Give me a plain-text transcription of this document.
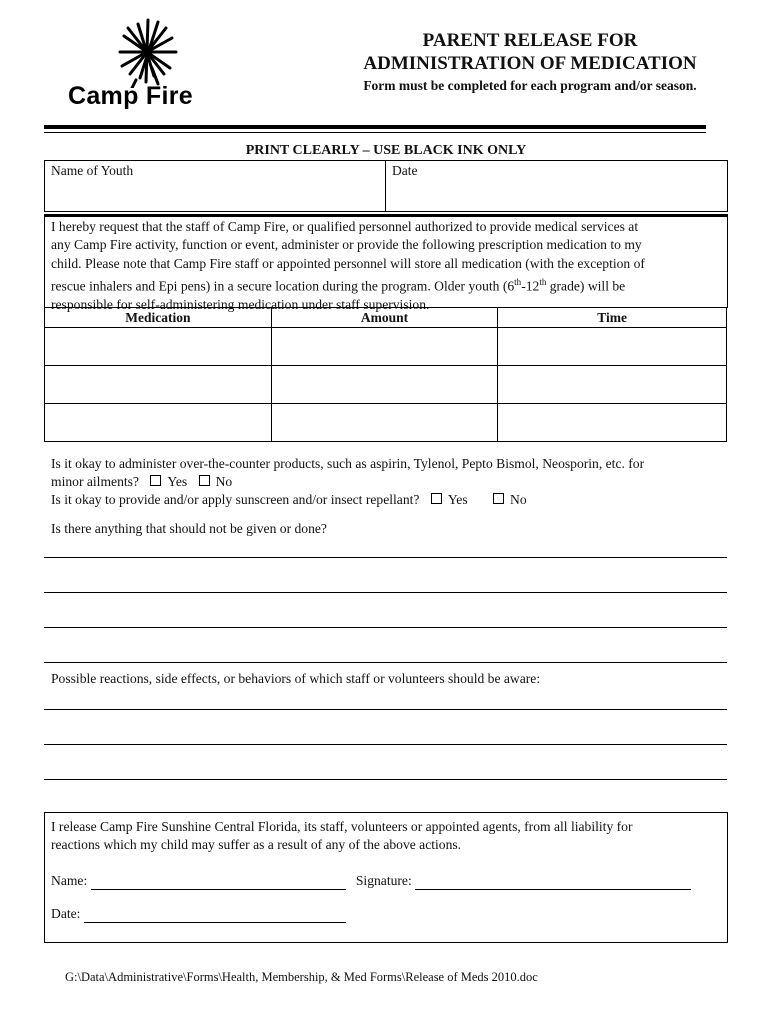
Camp Fire
PARENT RELEASE FOR
ADMINISTRATION OF MEDICATION
Form must be completed for each program and/or season.
PRINT CLEARLY – USE BLACK INK ONLY
Name of Youth	Date
I hereby request that the staff of Camp Fire, or qualified personnel authorized to provide medical services at
any Camp Fire activity, function or event, administer or provide the following prescription medication to my
child. Please note that Camp Fire staff or appointed personnel will store all medication (with the exception of
rescue inhalers and Epi pens) in a secure location during the program. Older youth (6th-12th grade) will be
responsible for self-administering medication under staff supervision.
Medication	Amount	Time

Is it okay to administer over-the-counter products, such as aspirin, Tylenol, Pepto Bismol, Neosporin, etc. for
minor ailments? Yes No
Is it okay to provide and/or apply sunscreen and/or insect repellant? Yes	No
Is there anything that should not be given or done?
Possible reactions, side effects, or behaviors of which staff or volunteers should be aware:
I release Camp Fire Sunshine Central Florida, its staff, volunteers or appointed agents, from all liability for
reactions which my child may suffer as a result of any of the above actions.
Name:	Signature:
Date:
G:\Data\Administrative\Forms\Health, Membership, & Med Forms\Release of Meds 2010.doc
